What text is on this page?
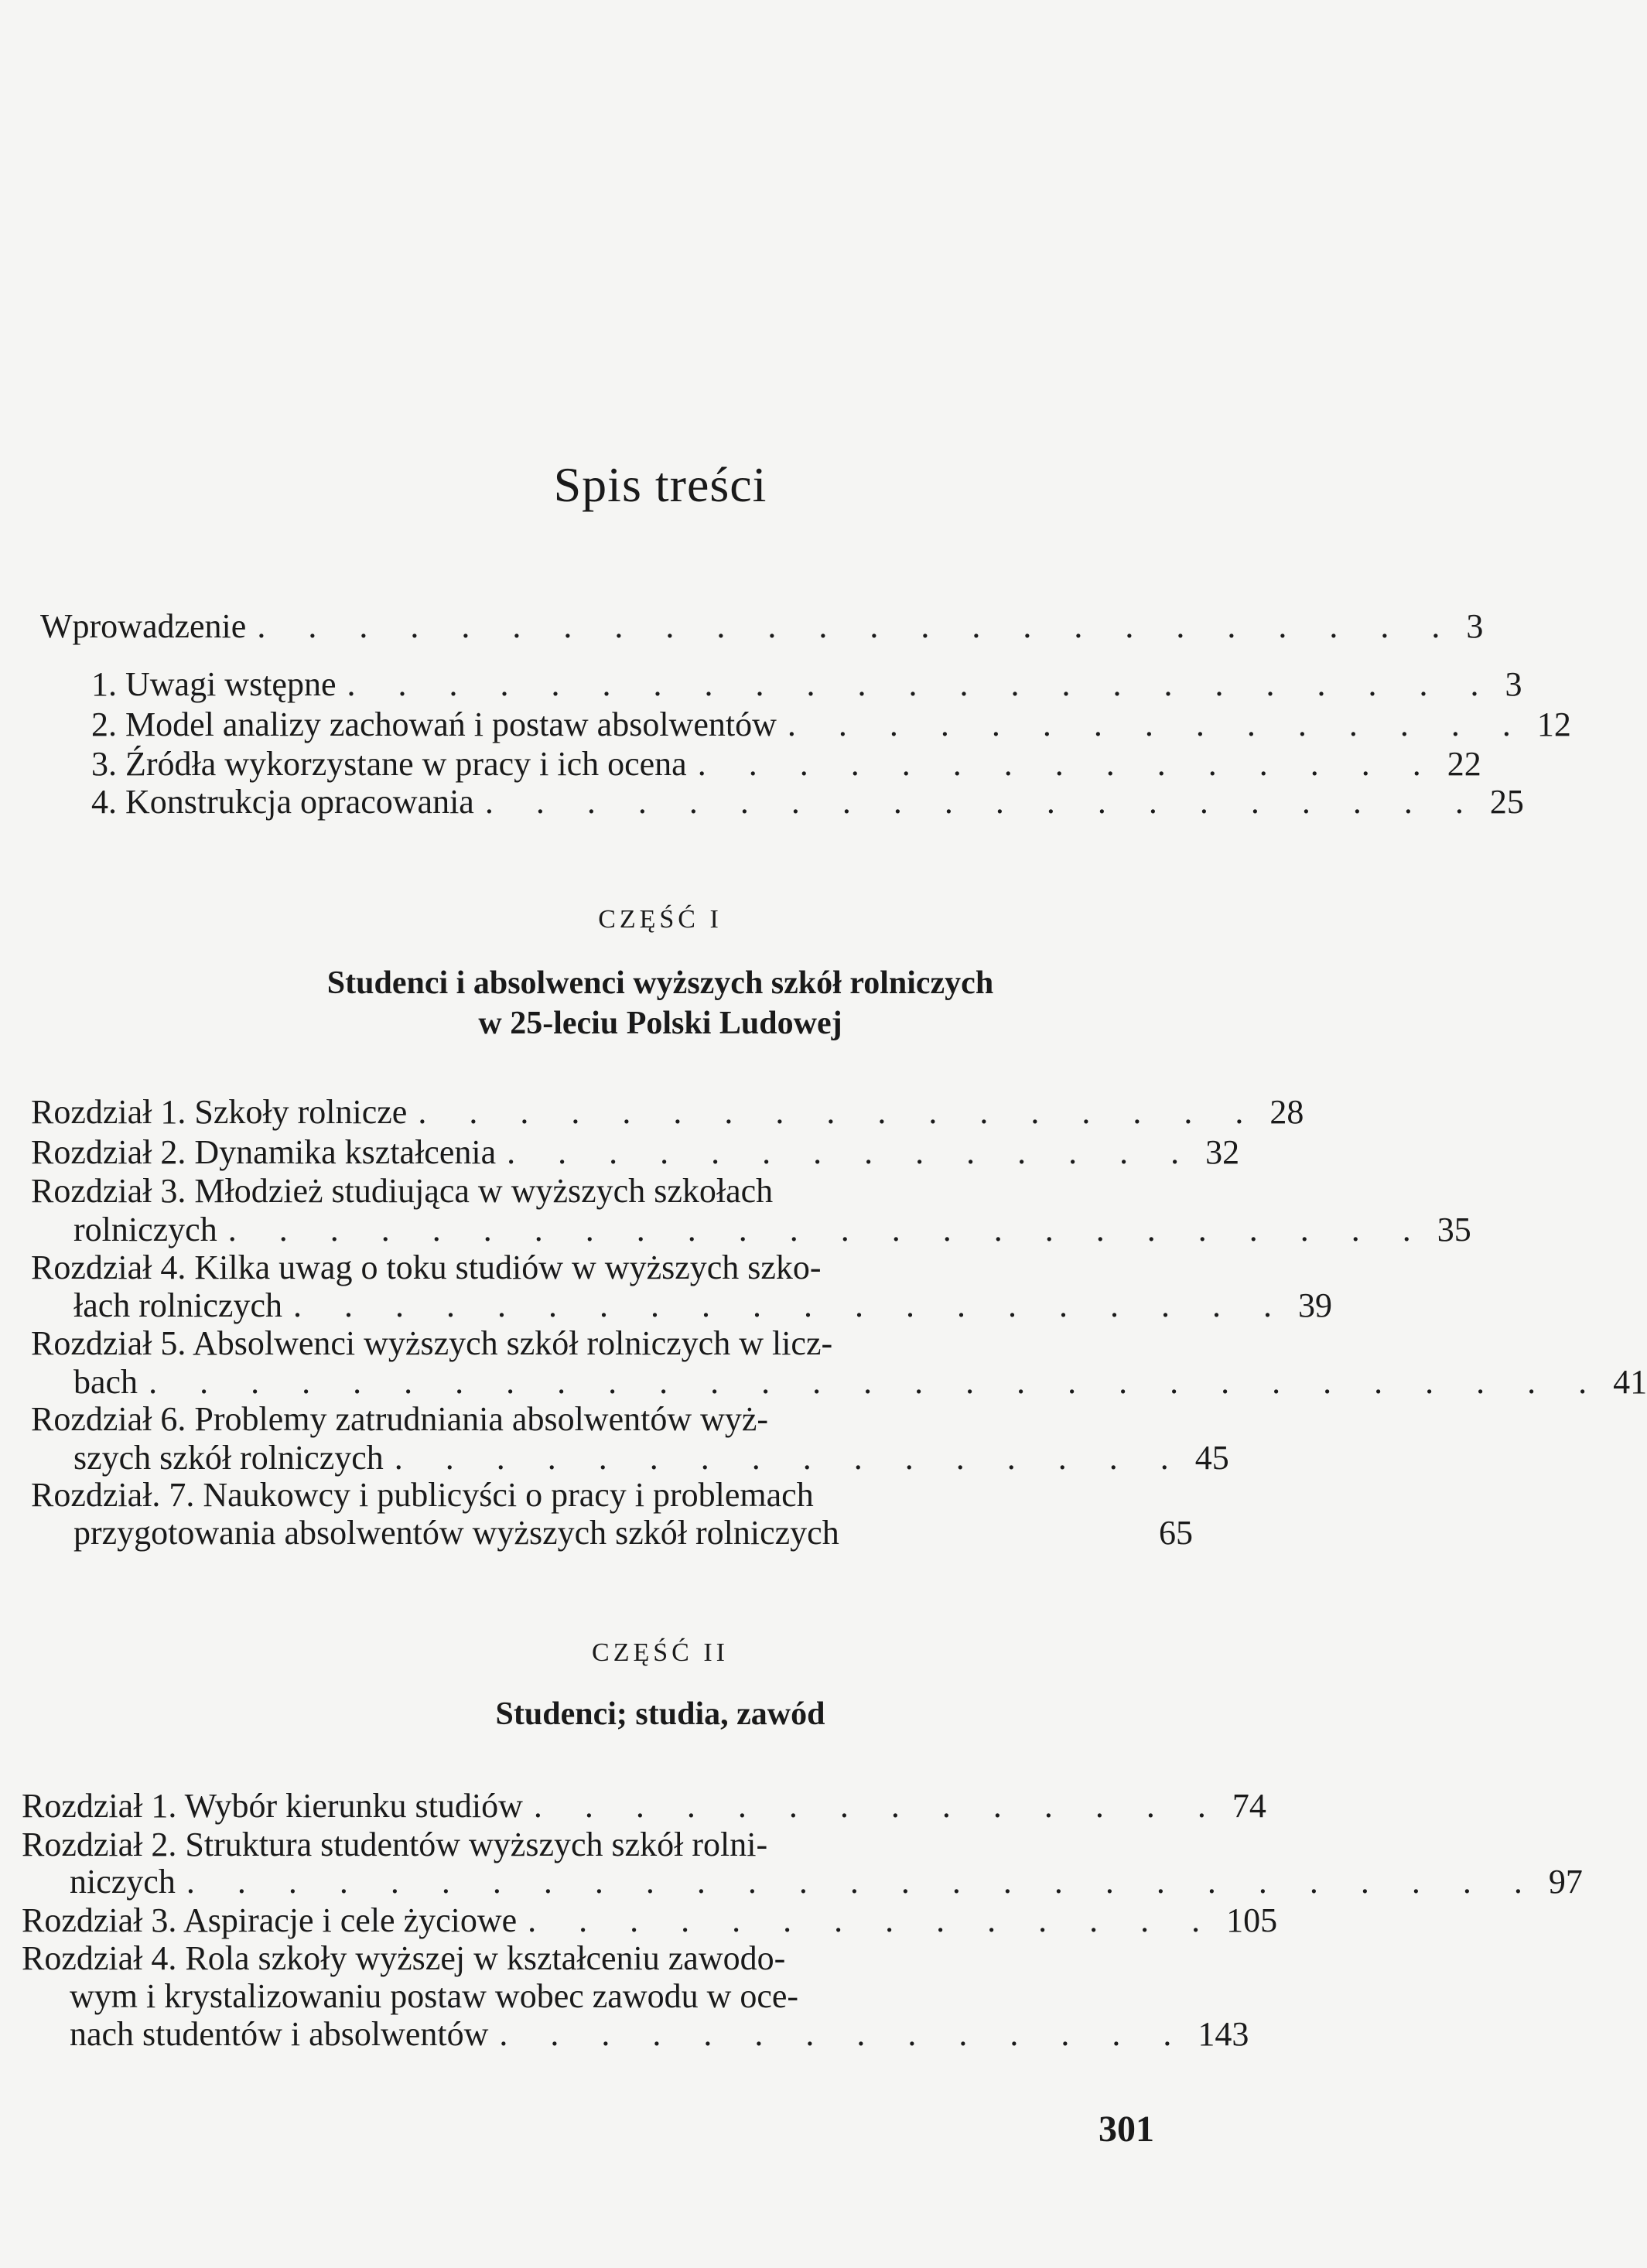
Spis treści
Wprowadzenie . . . . . . . . . . . . . . . . . . . . . . . . 3
1. Uwagi wstępne . . . . . . . . . . . . . . . . . . . . . . . 3
2. Model analizy zachowań i postaw absolwentów . . . . . . . . . . . . . . . 12
3. Źródła wykorzystane w pracy i ich ocena . . . . . . . . . . . . . . . 22
4. Konstrukcja opracowania . . . . . . . . . . . . . . . . . . . . 25
CZĘŚĆ I
Studenci i absolwenci wyższych szkół rolniczych
w 25-leciu Polski Ludowej
Rozdział 1. Szkoły rolnicze . . . . . . . . . . . . . . . . . 28
Rozdział 2. Dynamika kształcenia . . . . . . . . . . . . . . 32
Rozdział 3. Młodzież studiująca w wyższych szkołach
rolniczych . . . . . . . . . . . . . . . . . . . . . . . . 35
Rozdział 4. Kilka uwag o toku studiów w wyższych szko-
łach rolniczych . . . . . . . . . . . . . . . . . . . . 39
Rozdział 5. Absolwenci wyższych szkół rolniczych w licz-
bach . . . . . . . . . . . . . . . . . . . . . . . . . . . . . 41
Rozdział 6. Problemy zatrudniania absolwentów wyż-
szych szkół rolniczych . . . . . . . . . . . . . . . . 45
Rozdział. 7. Naukowcy i publicyści o pracy i problemach
przygotowania absolwentów wyższych szkół rolniczych	65
CZĘŚĆ II
Studenci; studia, zawód
Rozdział 1. Wybór kierunku studiów . . . . . . . . . . . . . . 74
Rozdział 2. Struktura studentów wyższych szkół rolni-
niczych . . . . . . . . . . . . . . . . . . . . . . . . . . . 97
Rozdział 3. Aspiracje i cele życiowe . . . . . . . . . . . . . . 105
Rozdział 4. Rola szkoły wyższej w kształceniu zawodo-
wym i krystalizowaniu postaw wobec zawodu w oce-
nach studentów i absolwentów . . . . . . . . . . . . . . 143
301
